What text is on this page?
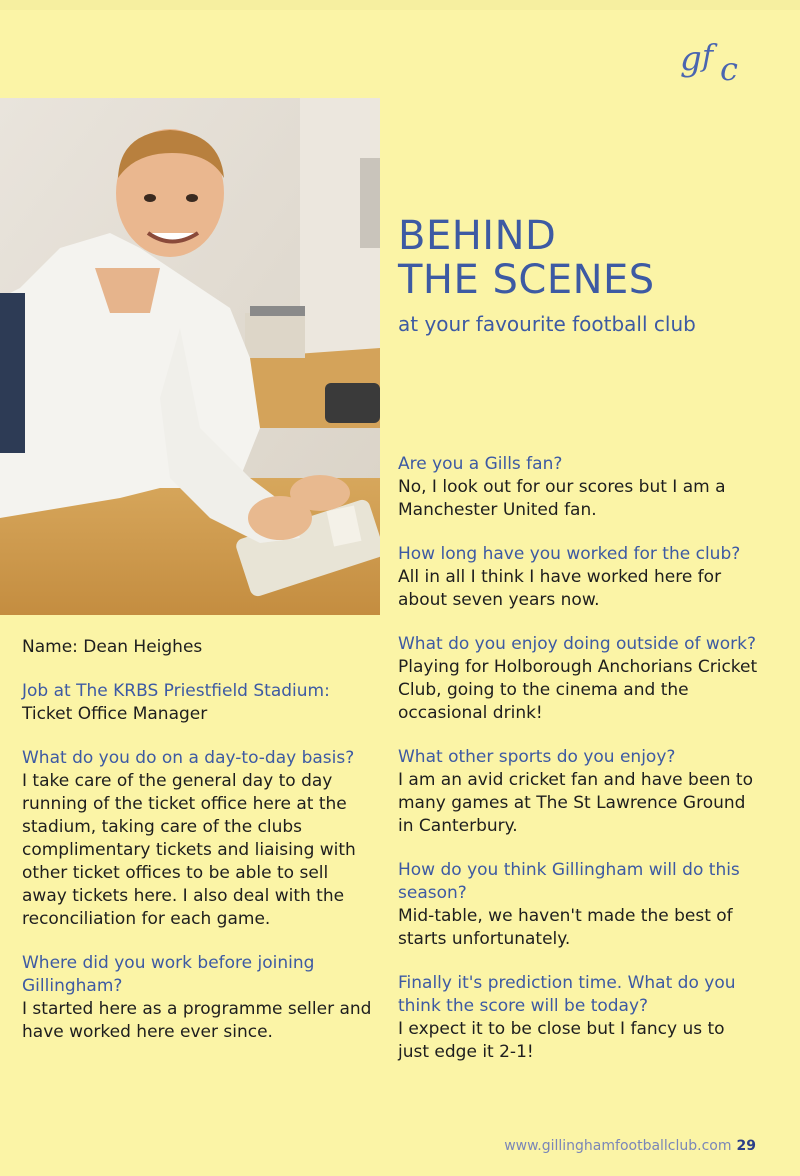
g f c
BEHIND
THE SCENES

at your favourite football club

Name: Dean Heighes

Job at The KRBS Priestfield Stadium:

Ticket Office Manager

What do you do on a day-to-day basis?

I take care of the general day to day running of the ticket office here at the stadium, taking care of the clubs complimentary tickets and liaising with other ticket offices to be able to sell away tickets here. I also deal with the reconciliation for each game.

Where did you work before joining Gillingham?

I started here as a programme seller and have worked here ever since.

Are you a Gills fan?

No, I look out for our scores but I am a Manchester United fan.

How long have you worked for the club?

All in all I think I have worked here for about seven years now.

What do you enjoy doing outside of work?

Playing for Holborough Anchorians Cricket Club, going to the cinema and the occasional drink!

What other sports do you enjoy?

I am an avid cricket fan and have been to many games at The St Lawrence Ground in Canterbury.

How do you think Gillingham will do this season?

Mid-table, we haven't made the best of starts unfortunately.

Finally it's prediction time. What do you think the score will be today?

I expect it to be close but I fancy us to just edge it 2-1!

www.gillinghamfootballclub.com 29
